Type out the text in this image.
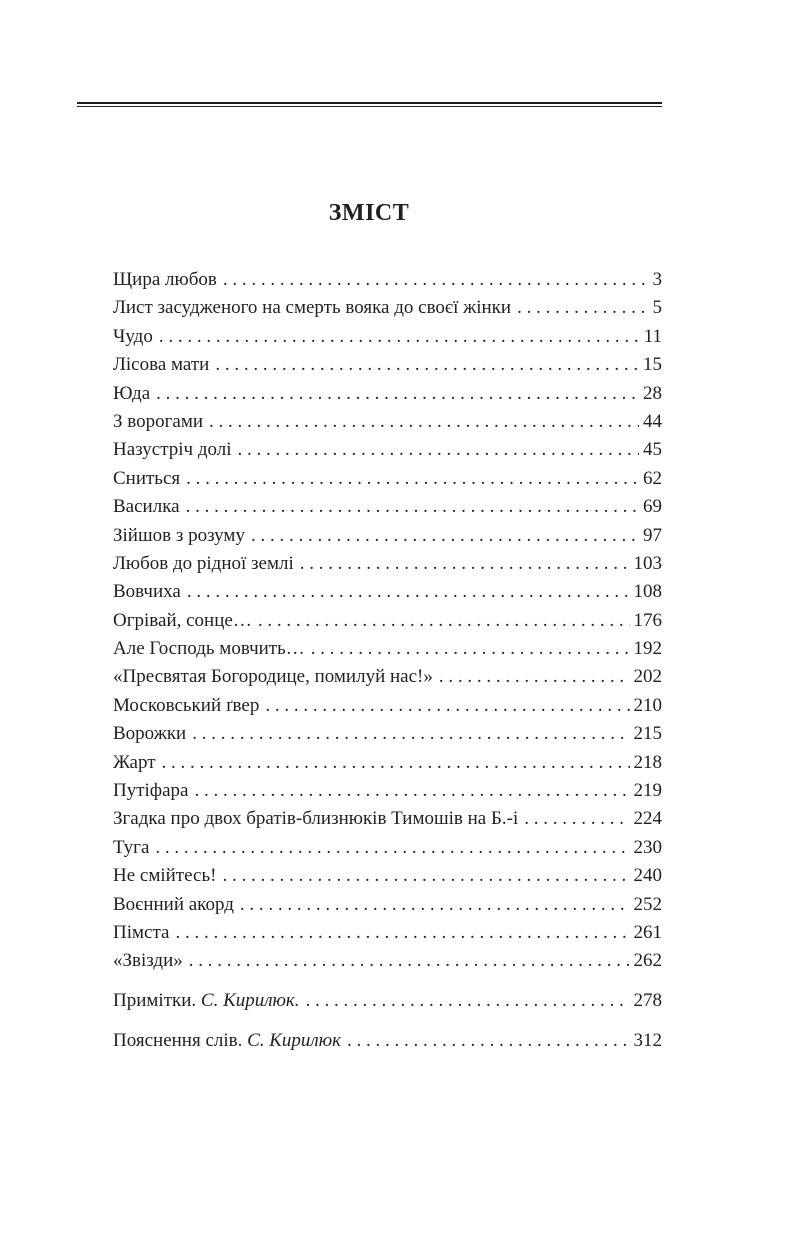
ЗМІСТ
Щира любов . . .	3
Лист засудженого на смерть вояка до своєї жінки . . .	5
Чудо . . .	11
Лісова мати . . .	15
Юда . . .	28
З ворогами . . .	44
Назустріч долі . . .	45
Сниться . . .	62
Василка . . .	69
Зійшов з розуму . . .	97
Любов до рідної землі . . .	103
Вовчиха . . .	108
Огрівай, сонце… . . .	176
Але Господь мовчить… . . .	192
«Пресвятая Богородице, помилуй нас!» . . .	202
Московський ґвер . . .	210
Ворожки . . .	215
Жарт . . .	218
Путіфара . . .	219
Згадка про двох братів-близнюків Тимошів на Б.-і . . .	224
Туга . . .	230
Не смійтесь! . . .	240
Воєнний акорд . . .	252
Пімста . . .	261
«Звізди» . . .	262
Примітки. С. Кирилюк. . . .	278
Пояснення слів. С. Кирилюк . . .	312
